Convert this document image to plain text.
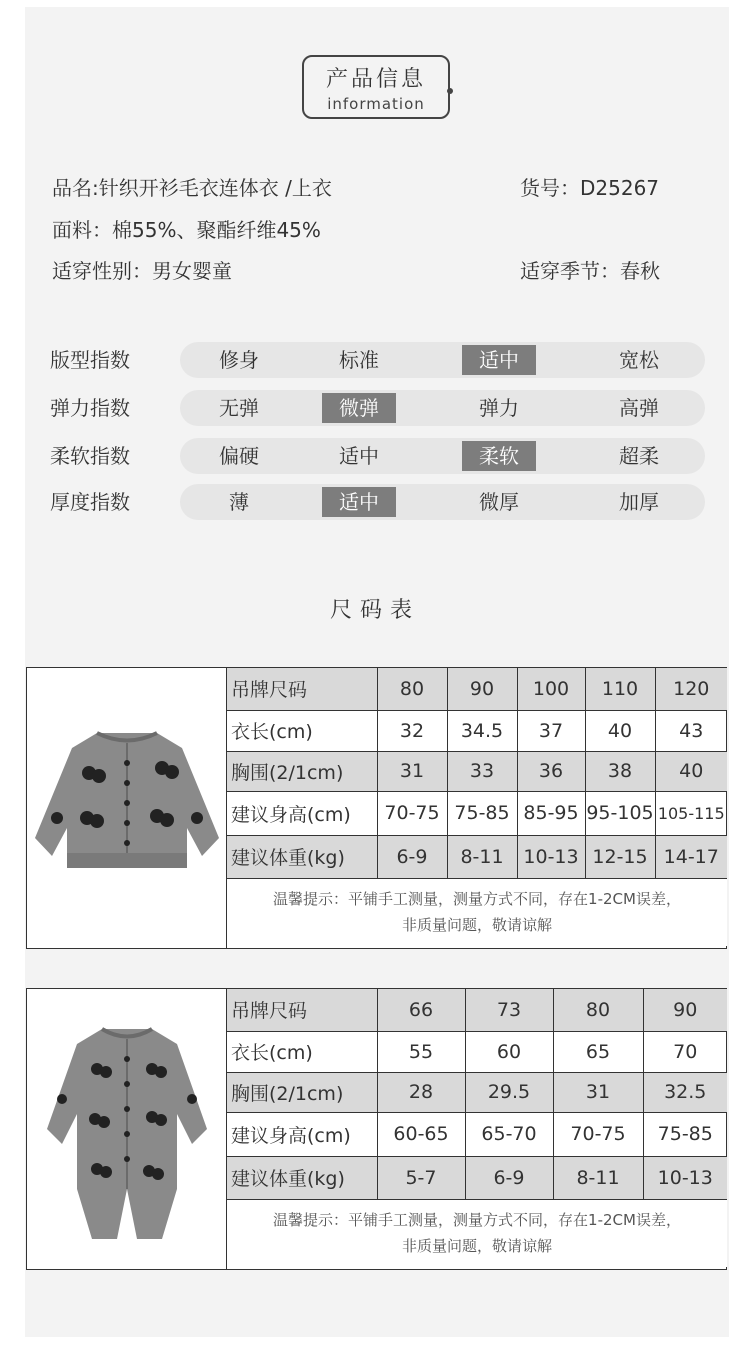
产品信息
information
品名:针织开衫毛衣连体衣 /上衣	货号：D25267
面料：棉55%、聚酯纤维45%
适穿性别：男女婴童	适穿季节：春秋
版型指数	修身	标准	适中	宽松
弹力指数	无弹	微弹	弹力	高弹
柔软指数	偏硬	适中	柔软	超柔
厚度指数	薄	适中	微厚	加厚
尺码表
吊牌尺码	80	90	100	110	120
衣长(cm)	32	34.5	37	40	43
胸围(2/1cm)	31	33	36	38	40
建议身高(cm)	70-75	75-85	85-95	95-105	105-115
建议体重(kg)	6-9	8-11	10-13	12-15	14-17

温馨提示：平铺手工测量，测量方式不同，存在1-2CM误差，
非质量问题，敬请谅解					
吊牌尺码	66	73	80	90
衣长(cm)	55	60	65	70
胸围(2/1cm)	28	29.5	31	32.5
建议身高(cm)	60-65	65-70	70-75	75-85
建议体重(kg)	5-7	6-9	8-11	10-13

温馨提示：平铺手工测量，测量方式不同，存在1-2CM误差，
非质量问题，敬请谅解				
